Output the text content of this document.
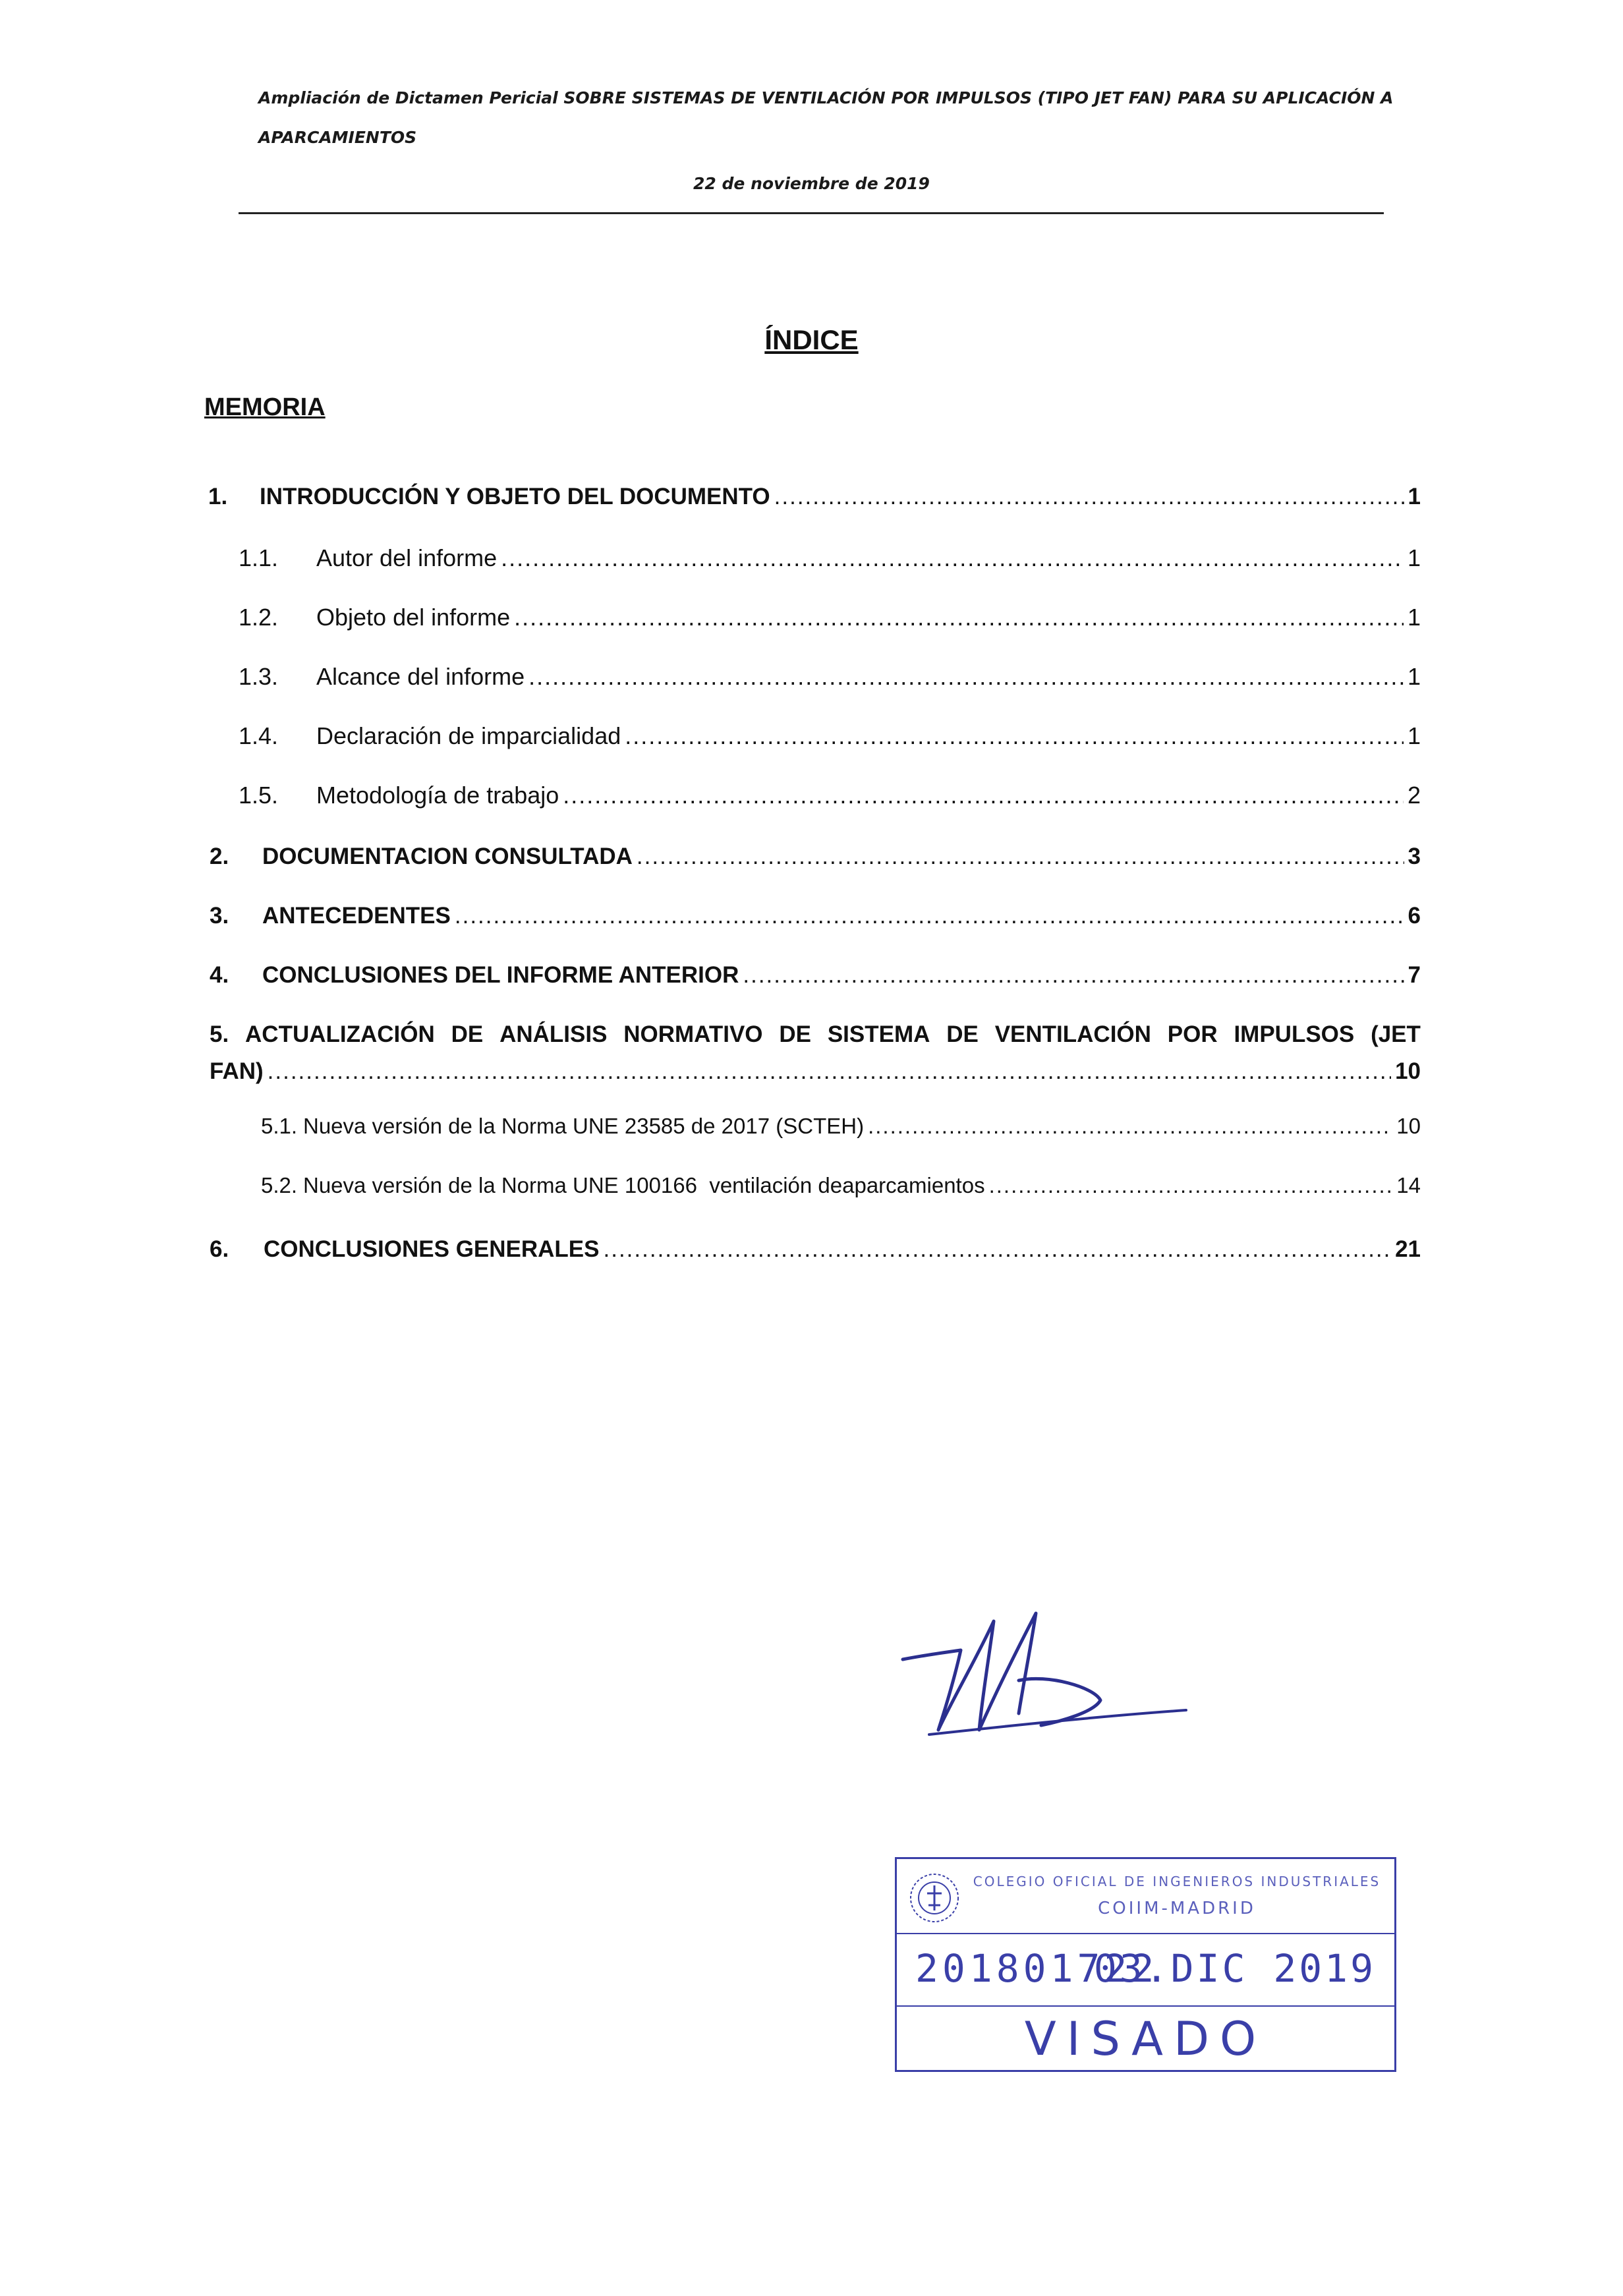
Ampliación de Dictamen Pericial SOBRE SISTEMAS DE VENTILACIÓN POR IMPULSOS (TIPO JET FAN) PARA SU APLICACIÓN A

APARCAMIENTOS

22 de noviembre de 2019
ÍNDICE
MEMORIA
1.	INTRODUCCIÓN Y OBJETO DEL DOCUMENTO .....	1
1.1.	Autor del informe .....	1
1.2.	Objeto del informe .....	1
1.3.	Alcance del informe .....	1
1.4.	Declaración de imparcialidad .....	1
1.5.	Metodología de trabajo .....	2
2.	DOCUMENTACION CONSULTADA .....	3
3.	ANTECEDENTES .....	6
4.	CONCLUSIONES DEL INFORME ANTERIOR .....	7
5. ACTUALIZACIÓN DE ANÁLISIS NORMATIVO DE SISTEMA DE VENTILACIÓN POR IMPULSOS (JET
FAN) .....	10
5.1. Nueva versión de la Norma UNE 23585 de 2017 (SCTEH) .....	10
5.2. Nueva versión de la Norma UNE 100166  ventilación deaparcamientos .....	14
6.	CONCLUSIONES GENERALES .....	21
COLEGIO OFICIAL DE INGENIEROS INDUSTRIALES
COIIM-MADRID
201801722
03.DIC 2019
VISADO
